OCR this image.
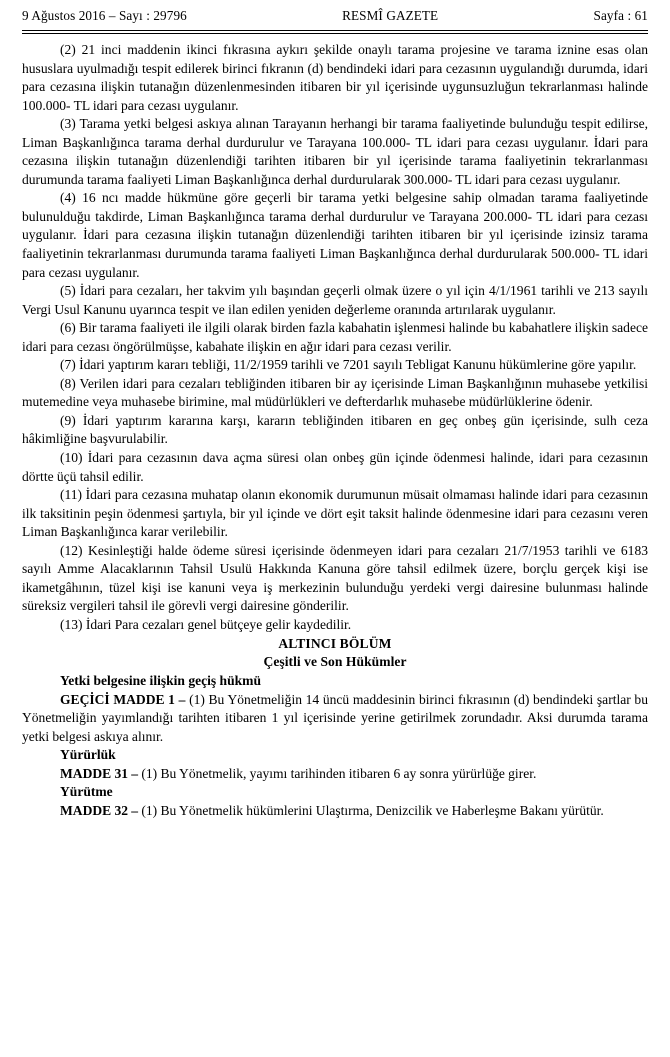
9 Ağustos 2016 – Sayı : 29796	RESMÎ GAZETE	Sayfa : 61

(2) 21 inci maddenin ikinci fıkrasına aykırı şekilde onaylı tarama projesine ve tarama iznine esas olan hususlara uyulmadığı tespit edilerek birinci fıkranın (d) bendindeki idari para cezasının uygulandığı durumda, idari para cezasına ilişkin tutanağın düzenlenmesinden itibaren bir yıl içerisinde uygunsuzluğun tekrarlanması halinde 100.000- TL idari para cezası uygulanır.

(3) Tarama yetki belgesi askıya alınan Tarayanın herhangi bir tarama faaliyetinde bulunduğu tespit edilirse, Liman Başkanlığınca tarama derhal durdurulur ve Tarayana 100.000- TL idari para cezası uygulanır. İdari para cezasına ilişkin tutanağın düzenlendiği tarihten itibaren bir yıl içerisinde tarama faaliyetinin tekrarlanması durumunda tarama faaliyeti Liman Başkanlığınca derhal durdurularak 300.000- TL idari para cezası uygulanır.

(4) 16 ncı madde hükmüne göre geçerli bir tarama yetki belgesine sahip olmadan tarama faaliyetinde bulunulduğu takdirde, Liman Başkanlığınca tarama derhal durdurulur ve Tarayana 200.000- TL idari para cezası uygulanır. İdari para cezasına ilişkin tutanağın düzenlendiği tarihten itibaren bir yıl içerisinde izinsiz tarama faaliyetinin tekrarlanması durumunda tarama faaliyeti Liman Başkanlığınca derhal durdurularak 500.000- TL idari para cezası uygulanır.

(5) İdari para cezaları, her takvim yılı başından geçerli olmak üzere o yıl için 4/1/1961 tarihli ve 213 sayılı Vergi Usul Kanunu uyarınca tespit ve ilan edilen yeniden değerleme oranında artırılarak uygulanır.

(6) Bir tarama faaliyeti ile ilgili olarak birden fazla kabahatin işlenmesi halinde bu kabahatlere ilişkin sadece idari para cezası öngörülmüşse, kabahate ilişkin en ağır idari para cezası verilir.

(7) İdari yaptırım kararı tebliği, 11/2/1959 tarihli ve 7201 sayılı Tebligat Kanunu hükümlerine göre yapılır.

(8) Verilen idari para cezaları tebliğinden itibaren bir ay içerisinde Liman Başkanlığının muhasebe yetkilisi mutemedine veya muhasebe birimine, mal müdürlükleri ve defterdarlık muhasebe müdürlüklerine ödenir.

(9) İdari yaptırım kararına karşı, kararın tebliğinden itibaren en geç onbeş gün içerisinde, sulh ceza hâkimliğine başvurulabilir.

(10) İdari para cezasının dava açma süresi olan onbeş gün içinde ödenmesi halinde, idari para cezasının dörtte üçü tahsil edilir.

(11) İdari para cezasına muhatap olanın ekonomik durumunun müsait olmaması halinde idari para cezasının ilk taksitinin peşin ödenmesi şartıyla, bir yıl içinde ve dört eşit taksit halinde ödenmesine idari para cezasını veren Liman Başkanlığınca karar verilebilir.

(12) Kesinleştiği halde ödeme süresi içerisinde ödenmeyen idari para cezaları 21/7/1953 tarihli ve 6183 sayılı Amme Alacaklarının Tahsil Usulü Hakkında Kanuna göre tahsil edilmek üzere, borçlu gerçek kişi ise ikametgâhının, tüzel kişi ise kanuni veya iş merkezinin bulunduğu yerdeki vergi dairesine bulunması halinde süreksiz vergileri tahsil ile görevli vergi dairesine gönderilir.

(13) İdari Para cezaları genel bütçeye gelir kaydedilir.

ALTINCI BÖLÜM
Çeşitli ve Son Hükümler
Yetki belgesine ilişkin geçiş hükmü

GEÇİCİ MADDE 1 – (1) Bu Yönetmeliğin 14 üncü maddesinin birinci fıkrasının (d) bendindeki şartlar bu Yönetmeliğin yayımlandığı tarihten itibaren 1 yıl içerisinde yerine getirilmek zorundadır. Aksi durumda tarama yetki belgesi askıya alınır.

Yürürlük

MADDE 31 – (1) Bu Yönetmelik, yayımı tarihinden itibaren 6 ay sonra yürürlüğe girer.

Yürütme

MADDE 32 – (1) Bu Yönetmelik hükümlerini Ulaştırma, Denizcilik ve Haberleşme Bakanı yürütür.
